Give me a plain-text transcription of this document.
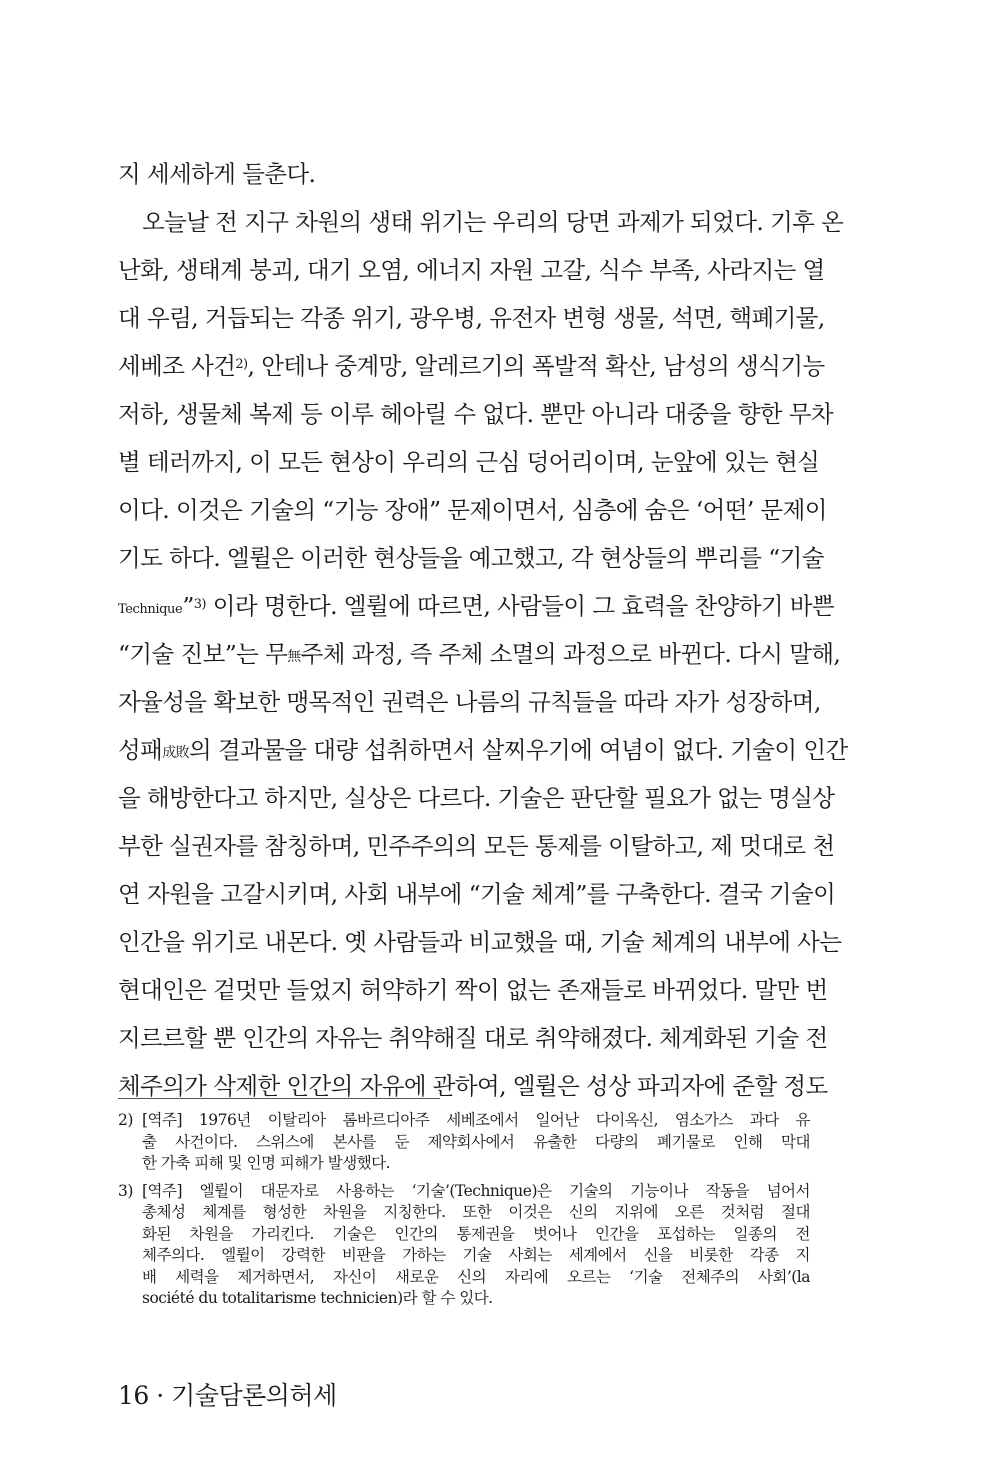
지 세세하게 들춘다.
오늘날 전 지구 차원의 생태 위기는 우리의 당면 과제가 되었다. 기후 온
난화, 생태계 붕괴, 대기 오염, 에너지 자원 고갈, 식수 부족, 사라지는 열
대 우림, 거듭되는 각종 위기, 광우병, 유전자 변형 생물, 석면, 핵폐기물,
세베조 사건$^{2)}$, 안테나 중계망, 알레르기의 폭발적 확산, 남성의 생식기능
저하, 생물체 복제 등 이루 헤아릴 수 없다. 뿐만 아니라 대중을 향한 무차
별 테러까지, 이 모든 현상이 우리의 근심 덩어리이며, 눈앞에 있는 현실
이다. 이것은 기술의 “기능 장애” 문제이면서, 심층에 숨은 ‘어떤’ 문제이
기도 하다. 엘륄은 이러한 현상들을 예고했고, 각 현상들의 뿌리를 “기술
Technique”$^{3)}$ 이라 명한다. 엘륄에 따르면, 사람들이 그 효력을 찬양하기 바쁜
“기술 진보”는 무無주체 과정, 즉 주체 소멸의 과정으로 바뀐다. 다시 말해,
자율성을 확보한 맹목적인 권력은 나름의 규칙들을 따라 자가 성장하며,
성패成敗의 결과물을 대량 섭취하면서 살찌우기에 여념이 없다. 기술이 인간
을 해방한다고 하지만, 실상은 다르다. 기술은 판단할 필요가 없는 명실상
부한 실권자를 참칭하며, 민주주의의 모든 통제를 이탈하고, 제 멋대로 천
연 자원을 고갈시키며, 사회 내부에 “기술 체계”를 구축한다. 결국 기술이
인간을 위기로 내몬다. 옛 사람들과 비교했을 때, 기술 체계의 내부에 사는
현대인은 겉멋만 들었지 허약하기 짝이 없는 존재들로 바뀌었다. 말만 번
지르르할 뿐 인간의 자유는 취약해질 대로 취약해졌다. 체계화된 기술 전
체주의가 삭제한 인간의 자유에 관하여, 엘륄은 성상 파괴자에 준할 정도
2) [역주] 1976년 이탈리아 롬바르디아주 세베조에서 일어난 다이옥신, 염소가스 과다 유
출 사건이다. 스위스에 본사를 둔 제약회사에서 유출한 다량의 폐기물로 인해 막대
한 가축 피해 및 인명 피해가 발생했다.
3) [역주] 엘륄이 대문자로 사용하는 ‘기술’(Technique)은 기술의 기능이나 작동을 넘어서
총체성 체계를 형성한 차원을 지칭한다. 또한 이것은 신의 지위에 오른 것처럼 절대
화된 차원을 가리킨다. 기술은 인간의 통제권을 벗어나 인간을 포섭하는 일종의 전
체주의다. 엘륄이 강력한 비판을 가하는 기술 사회는 세계에서 신을 비롯한 각종 지
배 세력을 제거하면서, 자신이 새로운 신의 자리에 오르는 ‘기술 전체주의 사회’(la
société du totalitarisme technicien)라 할 수 있다.
16 · 기술담론의허세
